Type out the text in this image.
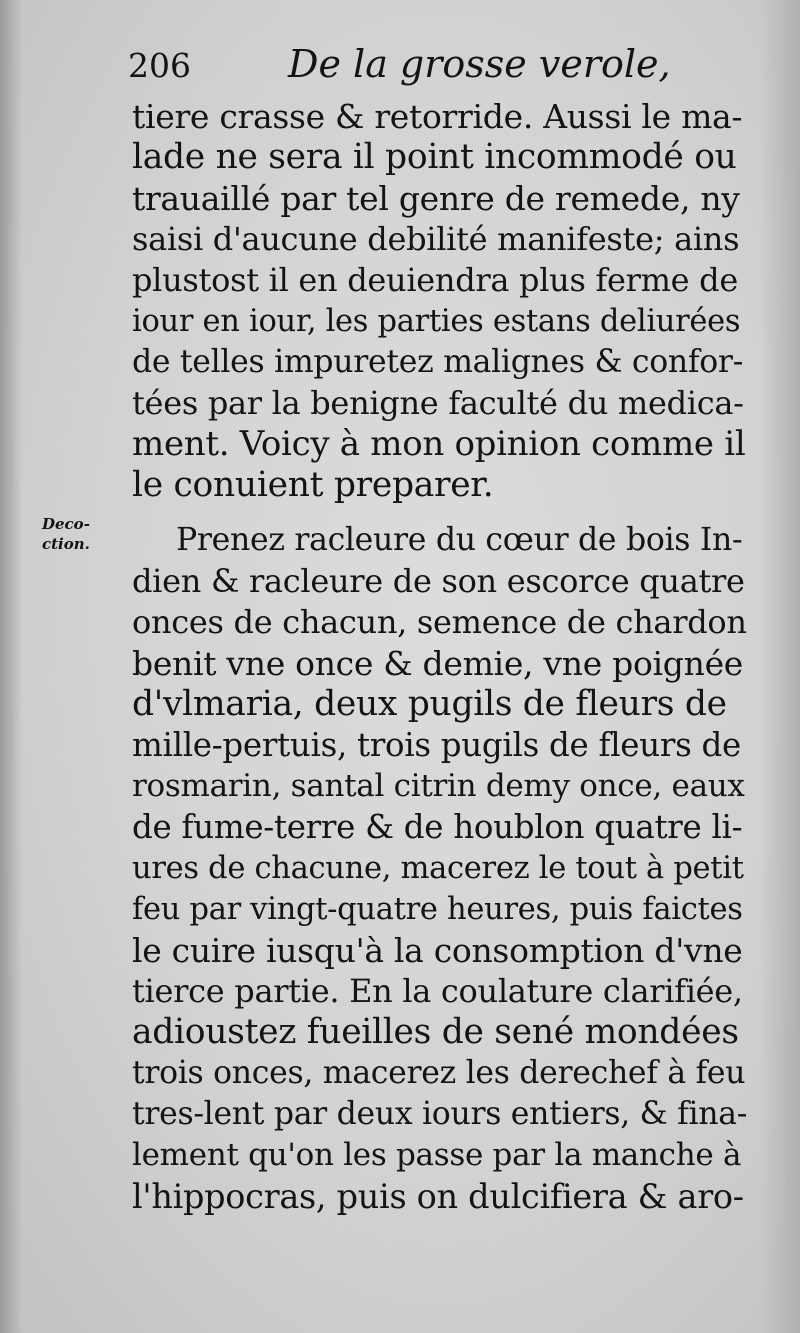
206	De la grosse verole,
Deco-
ction.
tiere crasse & retorride. Aussi le ma-
lade ne sera il point incommodé ou
trauaillé par tel genre de remede, ny
saisi d'aucune debilité manifeste; ains
plustost il en deuiendra plus ferme de
iour en iour, les parties estans deliurées
de telles impuretez malignes & confor-
tées par la benigne faculté du medica-
ment. Voicy à mon opinion comme il
le conuient preparer.
Prenez racleure du cœur de bois In-
dien & racleure de son escorce quatre
onces de chacun, semence de chardon
benit vne once & demie, vne poignée
d'vlmaria, deux pugils de fleurs de
mille-pertuis, trois pugils de fleurs de
rosmarin, santal citrin demy once, eaux
de fume-terre & de houblon quatre li-
ures de chacune, macerez le tout à petit
feu par vingt-quatre heures, puis faictes
le cuire iusqu'à la consomption d'vne
tierce partie. En la coulature clarifiée,
adioustez fueilles de sené mondées
trois onces, macerez les derechef à feu
tres-lent par deux iours entiers, & fina-
lement qu'on les passe par la manche à
l'hippocras, puis on dulcifiera & aro-
